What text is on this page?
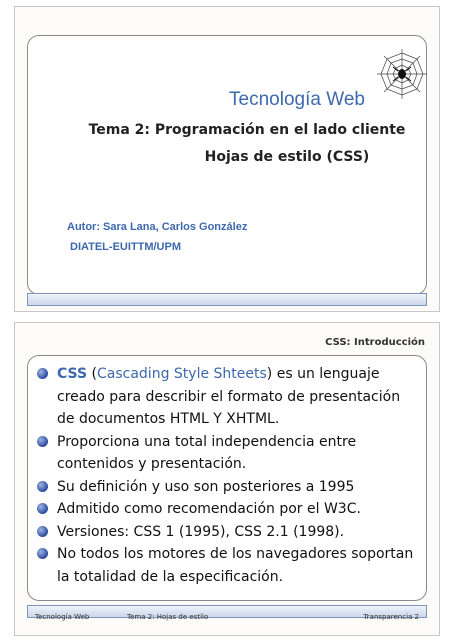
Tecnología Web
Tema 2: Programación en el lado cliente
Hojas de estilo (CSS)
Autor: Sara Lana, Carlos González
DIATEL-EUITTM/UPM
CSS: Introducción
CSS (Cascading Style Shteets) es un lenguaje creado para describir el formato de presentación de documentos HTML Y XHTML.
Proporciona una total independencia entre contenidos y presentación.
Su definición y uso son posteriores a 1995
Admitido como recomendación por el W3C.
Versiones: CSS 1 (1995), CSS 2.1 (1998).
No todos los motores de los navegadores soportan la totalidad de la especificación.
Tecnología Web	Tema 2: Hojas de estilo	Transparencia 2
